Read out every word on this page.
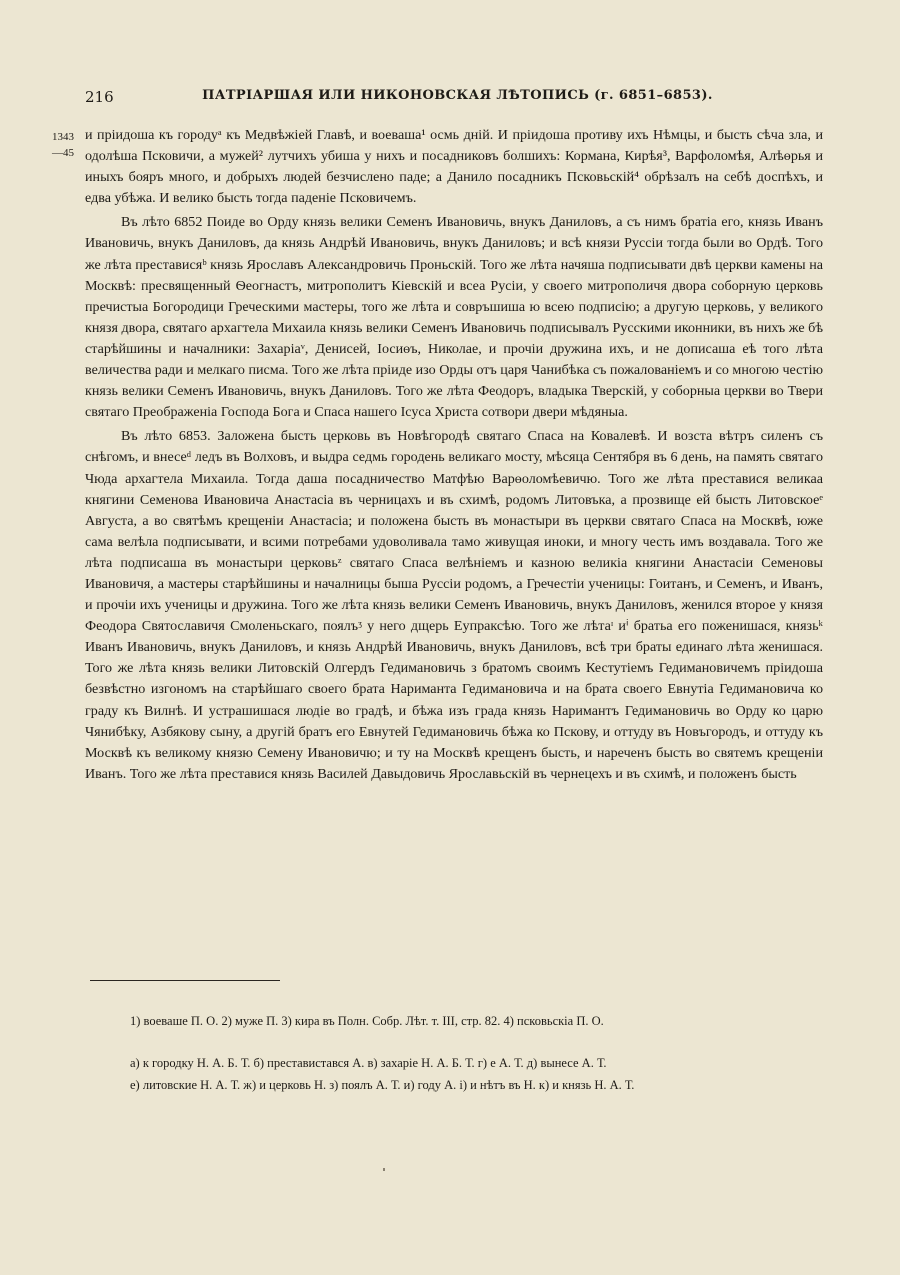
216	ПАТРІАРШАЯ ИЛИ НИКОНОВСКАЯ ЛѢТОПИСЬ (г. 6851–6853).
1343
—45

и пріидоша къ городуᵃ къ Медвѣжіей Главѣ, и воеваша¹ осмь дній. И пріидоша противу ихъ Нѣмцы, и бысть сѣча зла, и одолѣша Псковичи, а мужей² лутчихъ убиша у нихъ и посадниковъ болшихъ: Кормана, Кирѣя³, Варфоломѣя, Алѣѳрья и иныхъ бояръ много, и добрыхъ людей безчислено паде; а Данило посадникъ Псковьскій⁴ обрѣзалъ на себѣ доспѣхъ, и едва убѣжа. И велико бысть тогда паденіе Псковичемъ.

Въ лѣто 6852 Поиде во Орду князь велики Семенъ Ивановичь, внукъ Даниловъ, а съ нимъ братіа его, князь Иванъ Ивановичь, внукъ Даниловъ, да князь Андрѣй Ивановичь, внукъ Даниловъ; и всѣ князи Руссіи тогда были во Ордѣ. Того же лѣта престависяᵇ князь Ярославъ Александровичь Проньскій. Того же лѣта начяша подписывати двѣ церкви камены на Москвѣ: пресвященный Ѳеогнастъ, митрополитъ Кіевскій и всеа Русіи, у своего митрополичя двора соборную церковь пречистыа Богородици Греческими мастеры, того же лѣта и совръшиша ю всею подписію; а другую церковь, у великого князя двора, святаго архагтела Михаила князь велики Семенъ Ивановичь подписывалъ Русскими иконники, въ нихъ же бѣ старѣйшины и началники: Захаріаᵛ, Денисей, Іосиѳъ, Николае, и прочіи дружина ихъ, и не дописаша еѣ того лѣта величества ради и мелкаго писма. Того же лѣта пріиде изо Орды отъ царя Чанибѣка съ пожалованіемъ и со многою честію князь велики Семенъ Ивановичь, внукъ Даниловъ. Того же лѣта Феодоръ, владыка Тверскій, у соборныа церкви во Твери святаго Преображеніа Господа Бога и Спаса нашего Ісуса Христа сотвори двери мѣдяныа.

Въ лѣто 6853. Заложена бысть церковь въ Новѣгородѣ святаго Спаса на Ковалевѣ. И возста вѣтръ силенъ съ снѣгомъ, и внесеᵈ ледъ въ Волховъ, и выдра седмь городень великаго мосту, мѣсяца Сентября въ 6 день, на память святаго Чюда архагтела Михаила. Тогда даша посадничество Матфѣю Варѳоломѣевичю. Того же лѣта преставися великаа княгини Семенова Ивановича Анастасіа въ черницахъ и въ схимѣ, родомъ Литовъка, а прозвище ей бысть Литовскоеᵉ Августа, а во святѣмъ крещеніи Анастасіа; и положена бысть въ монастыри въ церкви святаго Спаса на Москвѣ, юже сама велѣла подписывати, и всими потребами удоволивала тамо живущая иноки, и многу честь имъ воздавала. Того же лѣта подписаша въ монастыри церковьᶻ святаго Спаса велѣніемъ и казною великіа княгини Анастасіи Семеновы Ивановичя, а мастеры старѣйшины и началницы быша Руссіи родомъ, а Гречестіи ученицы: Гоитанъ, и Семенъ, и Иванъ, и прочіи ихъ ученицы и дружина. Того же лѣта князь велики Семенъ Ивановичь, внукъ Даниловъ, женился второе у князя Феодора Святославичя Смоленьскаго, поялъᶾ у него дщерь Еупраксѣю. Того же лѣтаᶦ иⁱ братьа его поженишася, князьᵏ Иванъ Ивановичь, внукъ Даниловъ, и князь Андрѣй Ивановичь, внукъ Даниловъ, всѣ три браты единаго лѣта женишася. Того же лѣта князь велики Литовскій Олгердъ Гедимановичь з братомъ своимъ Кестутіемъ Гедимановичемъ пріидоша безвѣстно изгономъ на старѣйшаго своего брата Наримантa Гедимановича и на брата своего Евнутіа Гедимановича ко граду къ Вилнѣ. И устрашишася людіе во градѣ, и бѣжа изъ града князь Наримантъ Гедимановичь во Орду ко царю Чянибѣку, Азбякову сыну, а другій братъ его Евнутей Гедимановичь бѣжа ко Пскову, и оттуду въ Новъгородъ, и оттуду къ Москвѣ къ великому князю Семену Ивановичю; и ту на Москвѣ крещенъ бысть, и нареченъ бысть во святемъ крещеніи Иванъ. Того же лѣта преставися князь Василей Давыдовичь Ярославьскій въ чернецехъ и въ схимѣ, и положенъ бысть

1) воеваше П. О. 2) муже П. 3) кира въ Полн. Собр. Лѣт. т. III, стр. 82. 4) псковьскіа П. О.

а) к городку Н. А. Б. Т. б) преставистався А. в) захаріе Н. А. Б. Т. г) е А. Т. д) вынесе А. Т.

е) литовские Н. А. Т. ж) и церковь Н. з) поялъ А. Т. и) году А. і) и нѣтъ въ Н. к) и князь Н. А. Т.
